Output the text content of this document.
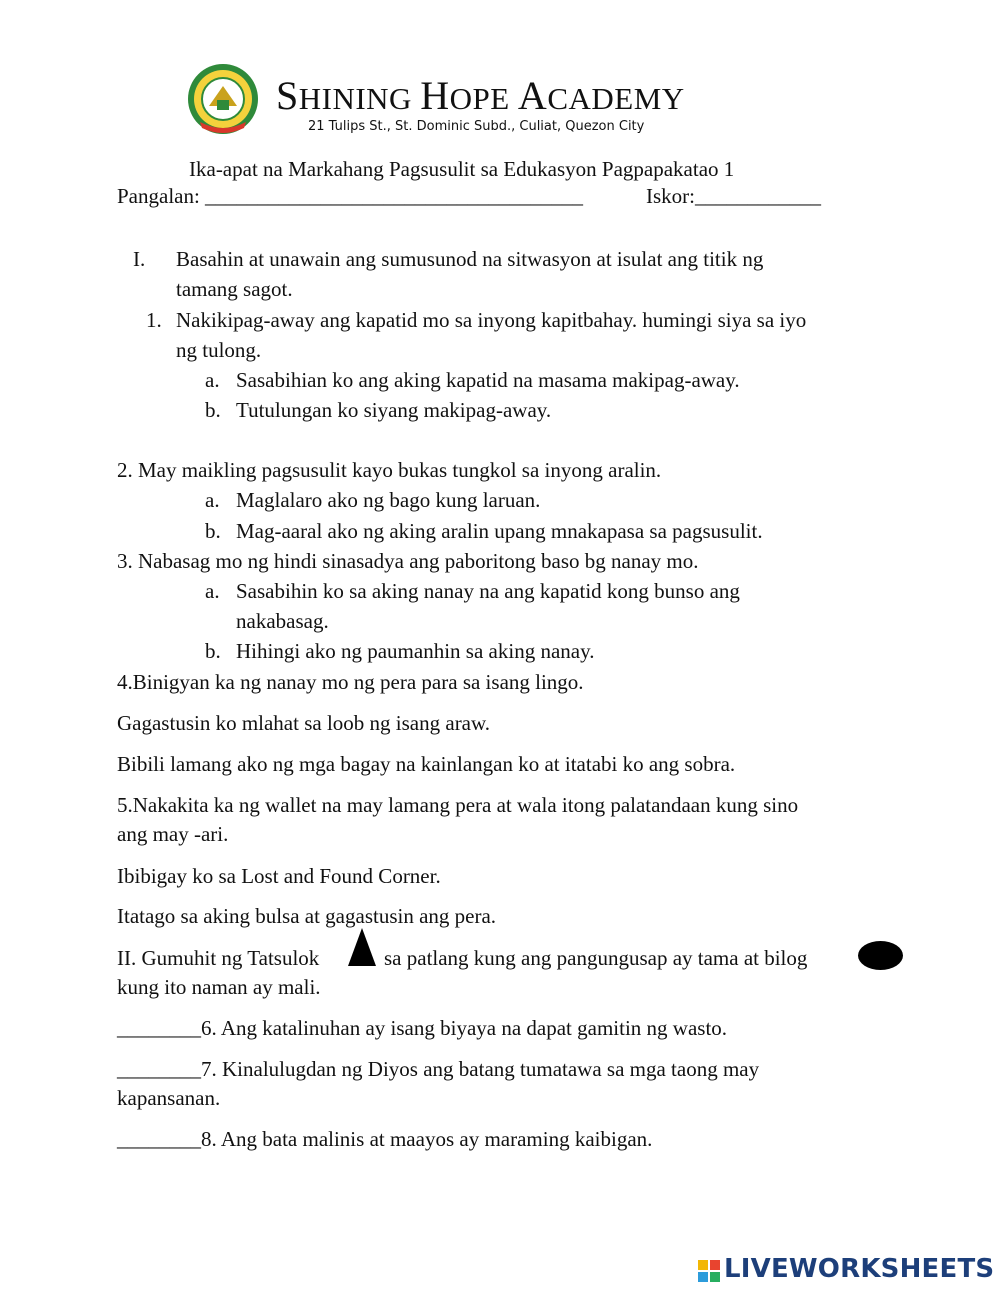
SHINING HOPE ACADEMY
21 Tulips St., St. Dominic Subd., Culiat, Quezon City
Ika-apat na Markahang Pagsusulit sa Edukasyon Pagpapakatao 1
Pangalan: ____________________________________	Iskor:____________
I. Basahin at unawain ang sumusunod na sitwasyon at isulat ang titik ng
tamang sagot.
1. Nakikipag-away ang kapatid mo sa inyong kapitbahay. humingi siya sa iyo
ng tulong.
a. Sasabihian ko ang aking kapatid na masama makipag-away.
b. Tutulungan ko siyang makipag-away.
2. May maikling pagsusulit kayo bukas tungkol sa inyong aralin.
a. Maglalaro ako ng bago kung laruan.
b. Mag-aaral ako ng aking aralin upang mnakapasa sa pagsusulit.
3. Nabasag mo ng hindi sinasadya ang paboritong baso bg nanay mo.
a. Sasabihin ko sa aking nanay na ang kapatid kong bunso ang
nakabasag.
b. Hihingi ako ng paumanhin sa aking nanay.
4.Binigyan ka ng nanay mo ng pera para sa isang lingo.
Gagastusin ko mlahat sa loob ng isang araw.
Bibili lamang ako ng mga bagay na kainlangan ko at itatabi ko ang sobra.
5.Nakakita ka ng wallet na may lamang pera at wala itong palatandaan kung sino
ang may -ari.
Ibibigay ko sa Lost and Found Corner.
Itatago sa aking bulsa at gagastusin ang pera.
II. Gumuhit ng Tatsulok	sa patlang kung ang pangungusap ay tama at bilog
kung ito naman ay mali.
________6. Ang katalinuhan ay isang biyaya na dapat gamitin ng wasto.
________7. Kinalulugdan ng Diyos ang batang tumatawa sa mga taong may
kapansanan.
________8. Ang bata malinis at maayos ay maraming kaibigan.
LIVEWORKSHEETS
